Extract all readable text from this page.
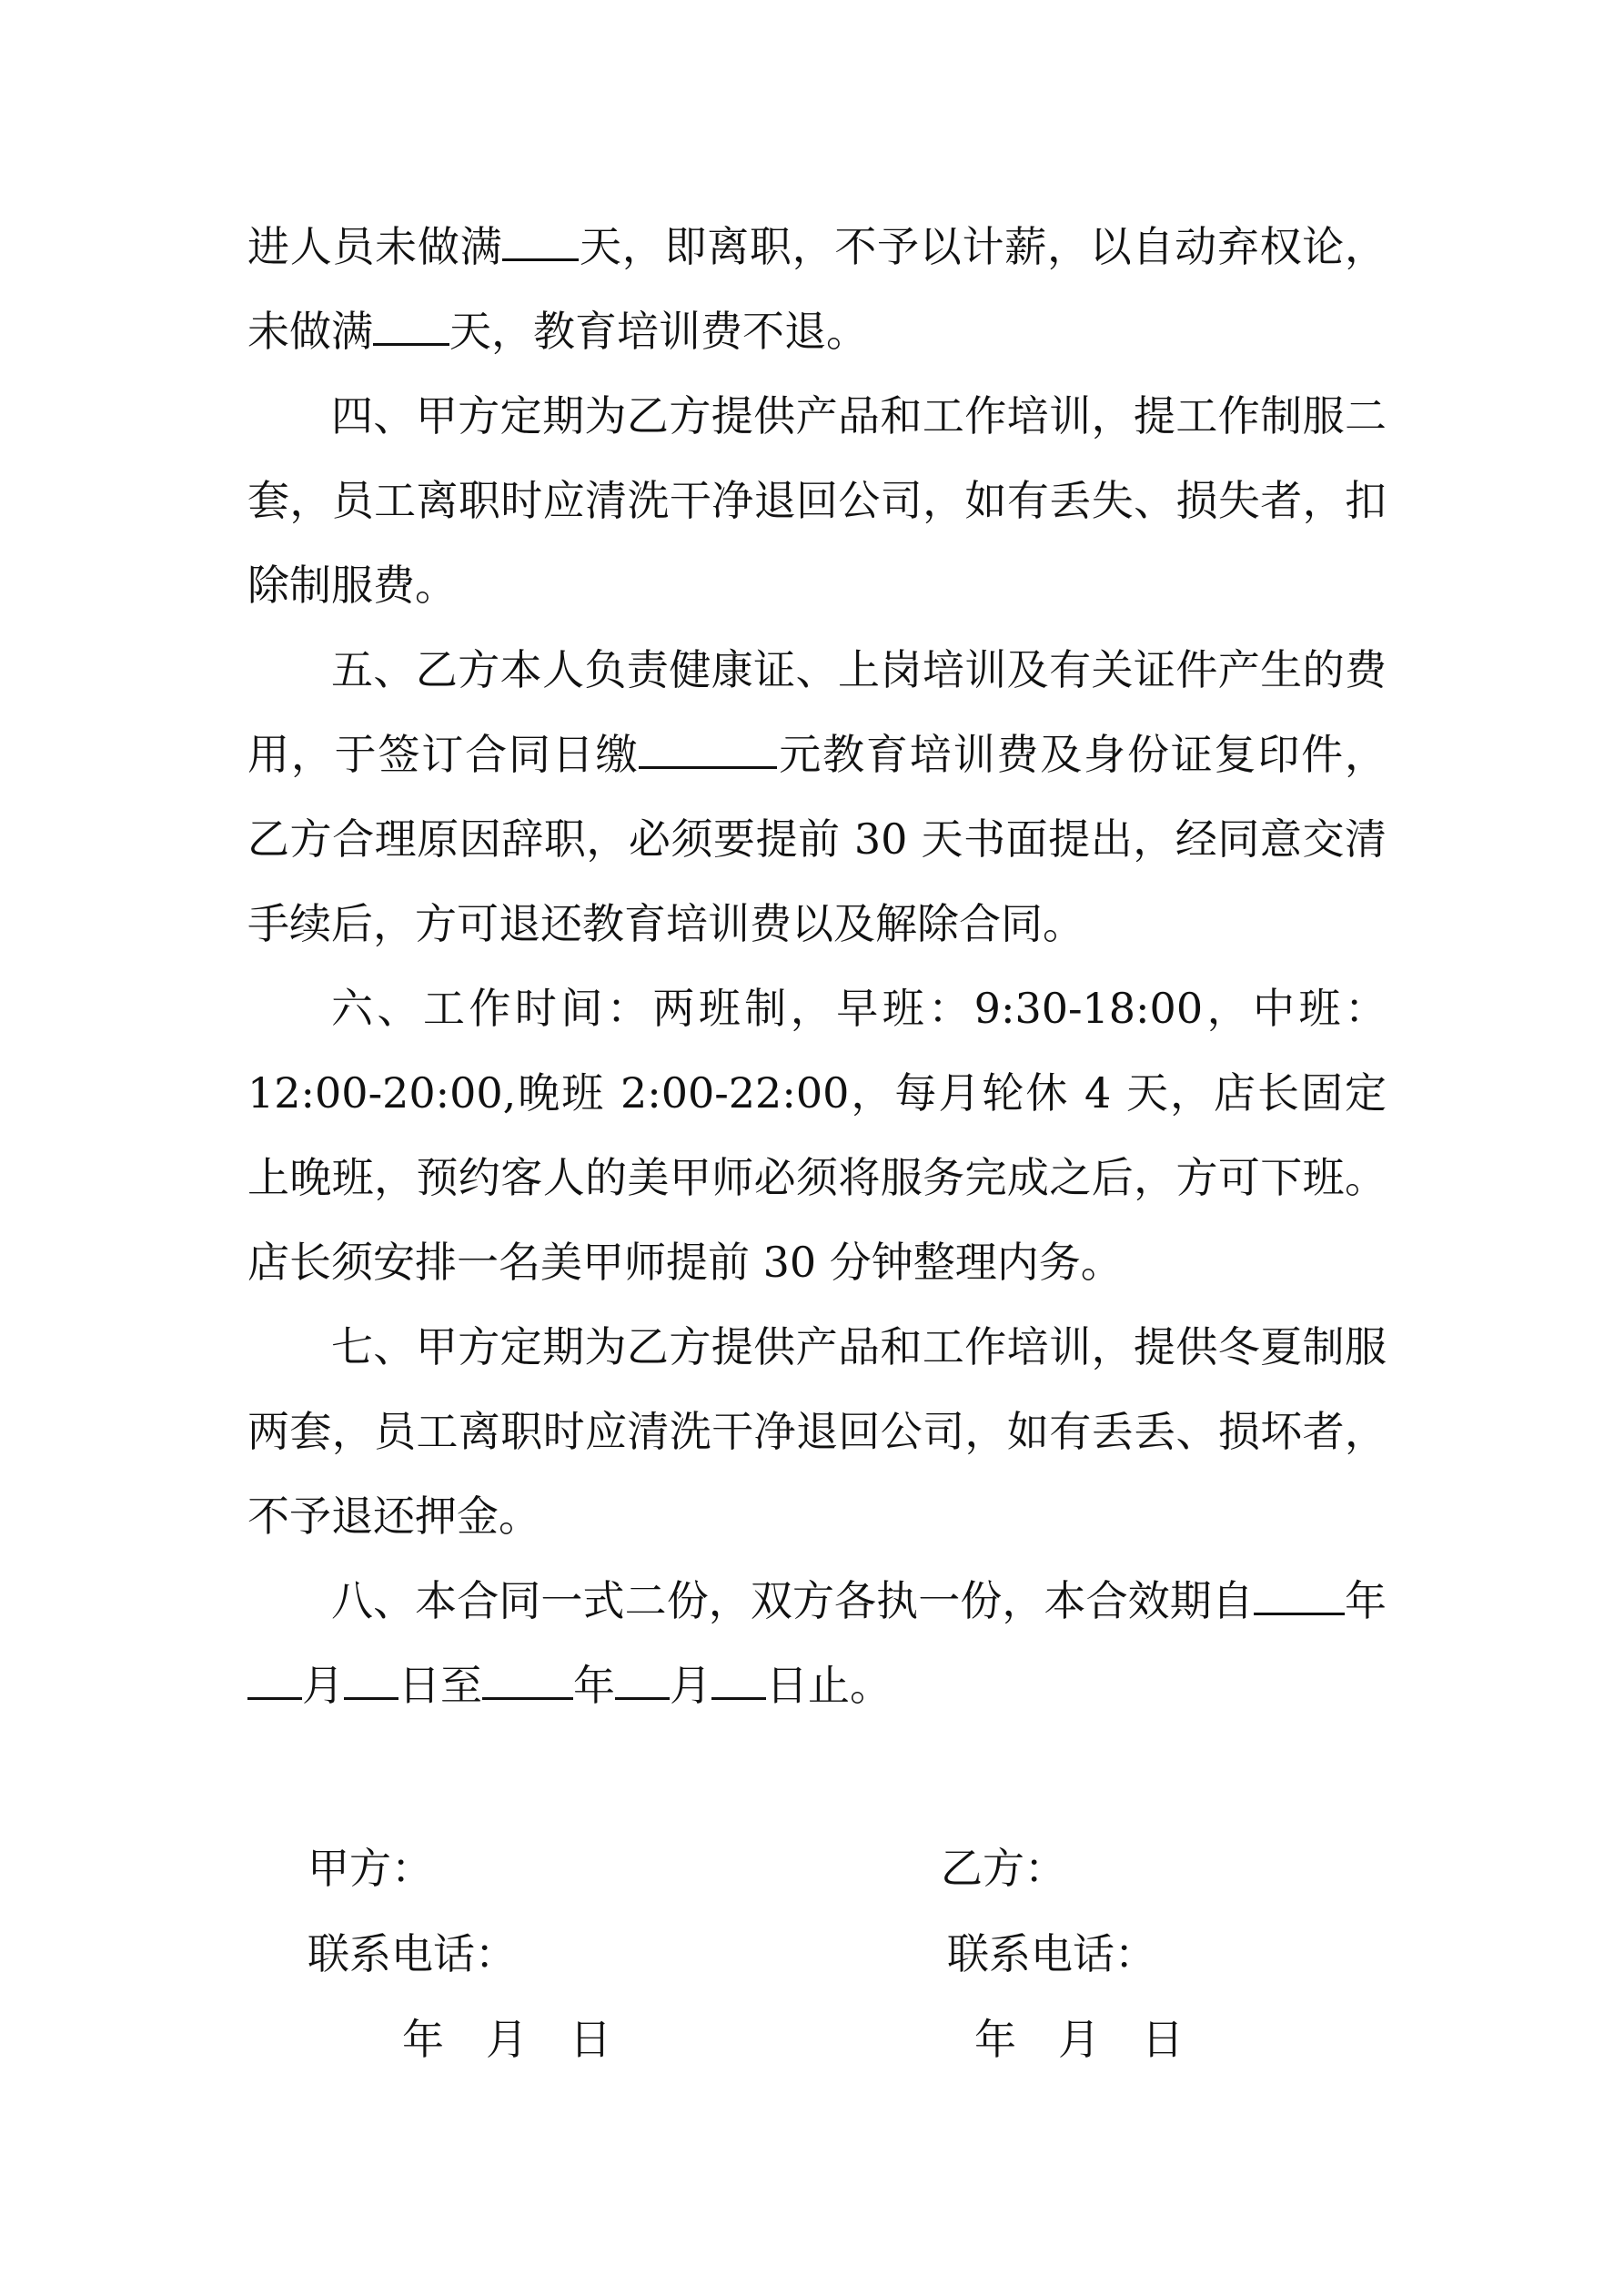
进人员未做满 天，即离职，不予以计薪，以自动弃权论，未做满 天，教育培训费不退。

四、甲方定期为乙方提供产品和工作培训，提工作制服二套，员工离职时应清洗干净退回公司，如有丢失、损失者，扣除制服费。

五、乙方本人负责健康证、上岗培训及有关证件产生的费用，于签订合同日缴	元教育培训费及身份证复印件，乙方合理原因辞职，必须要提前 30 天书面提出，经同意交清手续后，方可退还教育培训费以及解除合同。

六、工作时间：两班制，早班：9:30-18:00，中班：12:00-20:00,晚班 2:00-22:00，每月轮休 4 天，店长固定上晚班，预约客人的美甲师必须将服务完成之后，方可下班。店长须安排一名美甲师提前 30 分钟整理内务。

七、甲方定期为乙方提供产品和工作培训，提供冬夏制服两套，员工离职时应清洗干净退回公司，如有丢丢、损坏者，不予退还押金。

八、本合同一式二份，双方各执一份，本合效期自 年月 日至 年 月 日止。

甲方：	乙方：
联系电话：	联系电话：
年 月 日	年 月 日
